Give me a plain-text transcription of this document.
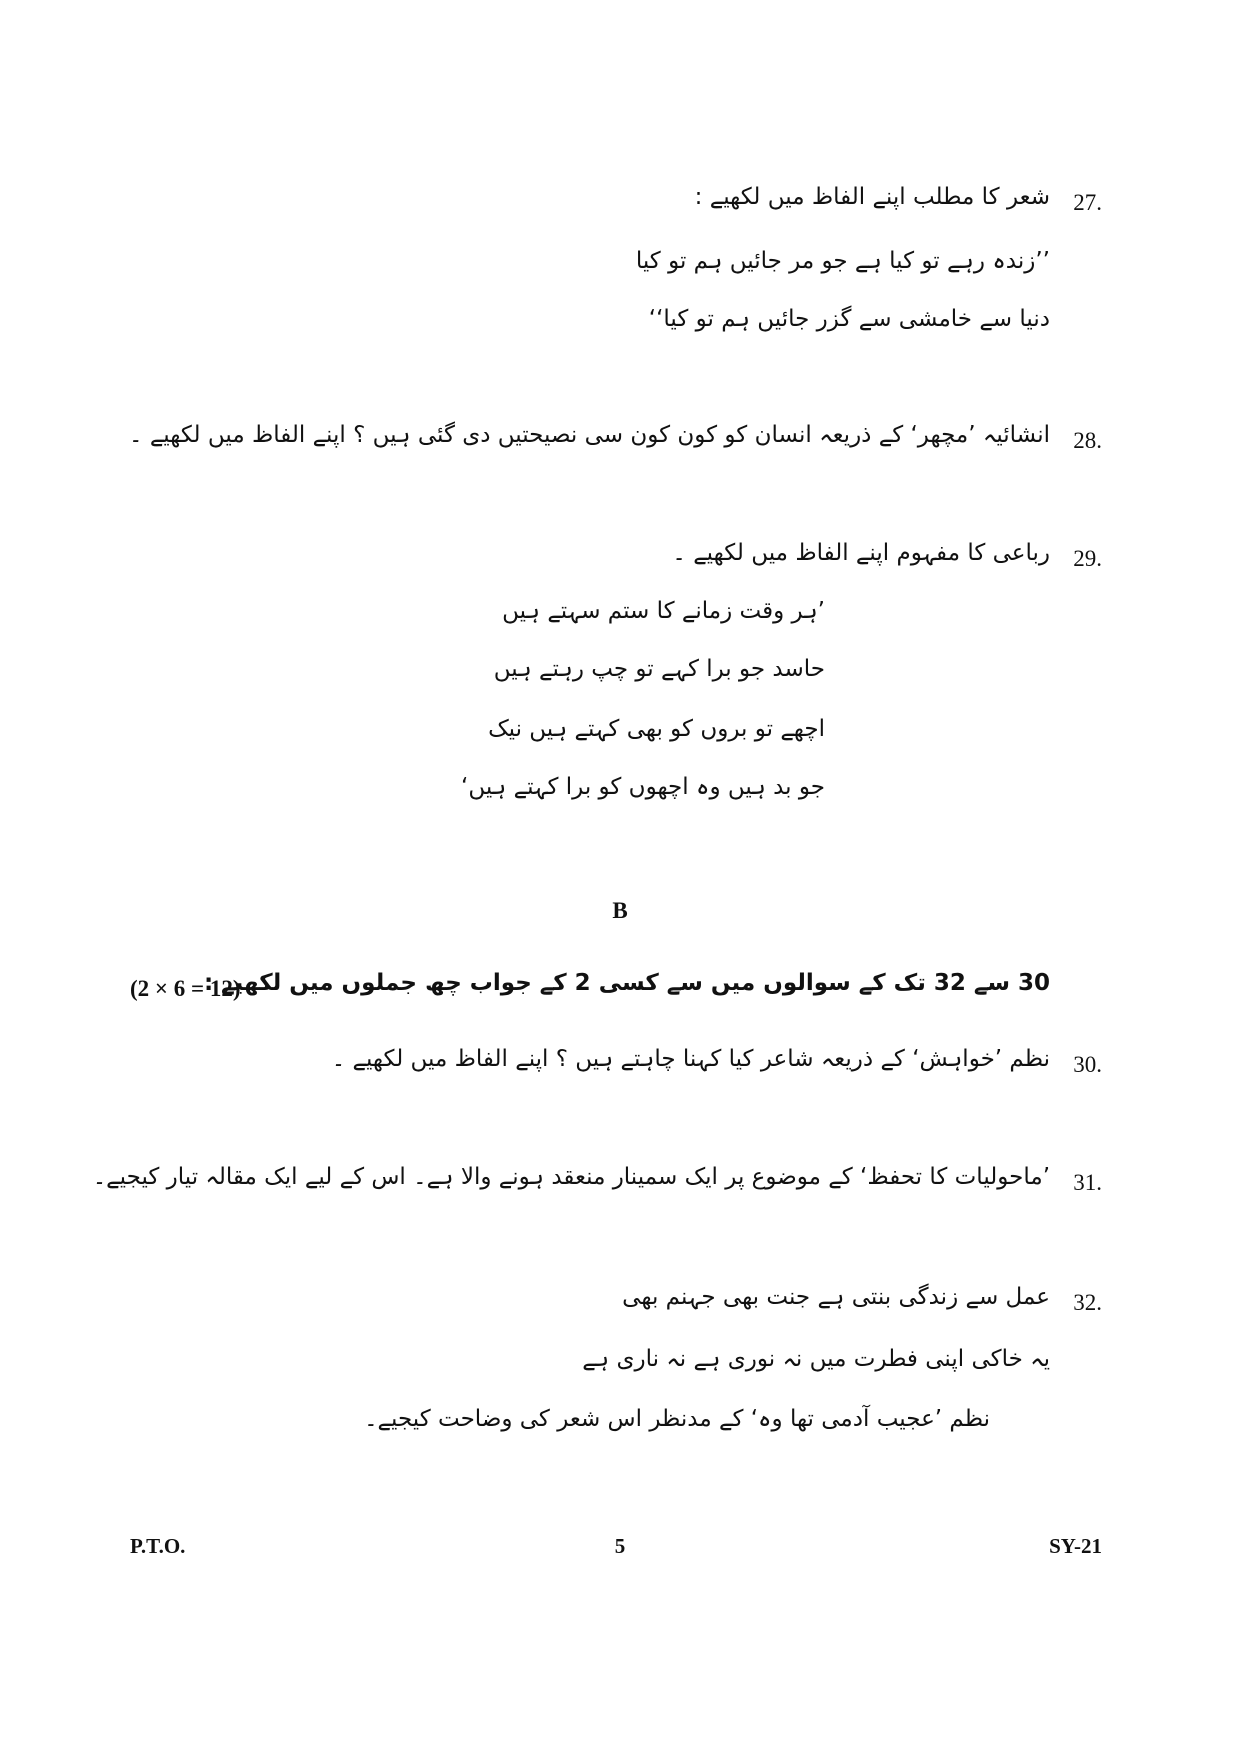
27.
شعر کا مطلب اپنے الفاظ میں لکھیے :
’’زندہ رہے تو کیا ہے جو مر جائیں ہم تو کیا
دنیا سے خامشی سے گزر جائیں ہم تو کیا‘‘
28.
انشائیہ ’مچھر‘ کے ذریعہ انسان کو کون کون سی نصیحتیں دی گئی ہیں ؟ اپنے الفاظ میں لکھیے ۔
29.
رباعی کا مفہوم اپنے الفاظ میں لکھیے ۔
’ہر وقت زمانے کا ستم سہتے ہیں
حاسد جو برا کہے تو چپ رہتے ہیں
اچھے تو بروں کو بھی کہتے ہیں نیک
جو بد ہیں وہ اچھوں کو برا کہتے ہیں‘
B
30 سے 32 تک کے سوالوں میں سے کسی 2 کے جواب چھ جملوں میں لکھیے :
(2 × 6 = 12)
30.
نظم ’خواہش‘ کے ذریعہ شاعر کیا کہنا چاہتے ہیں ؟ اپنے الفاظ میں لکھیے ۔
31.
’ماحولیات کا تحفظ‘ کے موضوع پر ایک سمینار منعقد ہونے والا ہے۔ اس کے لیے ایک مقالہ تیار کیجیے۔
32.
عمل سے زندگی بنتی ہے جنت بھی جہنم بھی
یہ خاکی اپنی فطرت میں نہ نوری ہے نہ ناری ہے
نظم ’عجیب آدمی تھا وہ‘ کے مدنظر اس شعر کی وضاحت کیجیے۔
P.T.O.	5	SY-21
